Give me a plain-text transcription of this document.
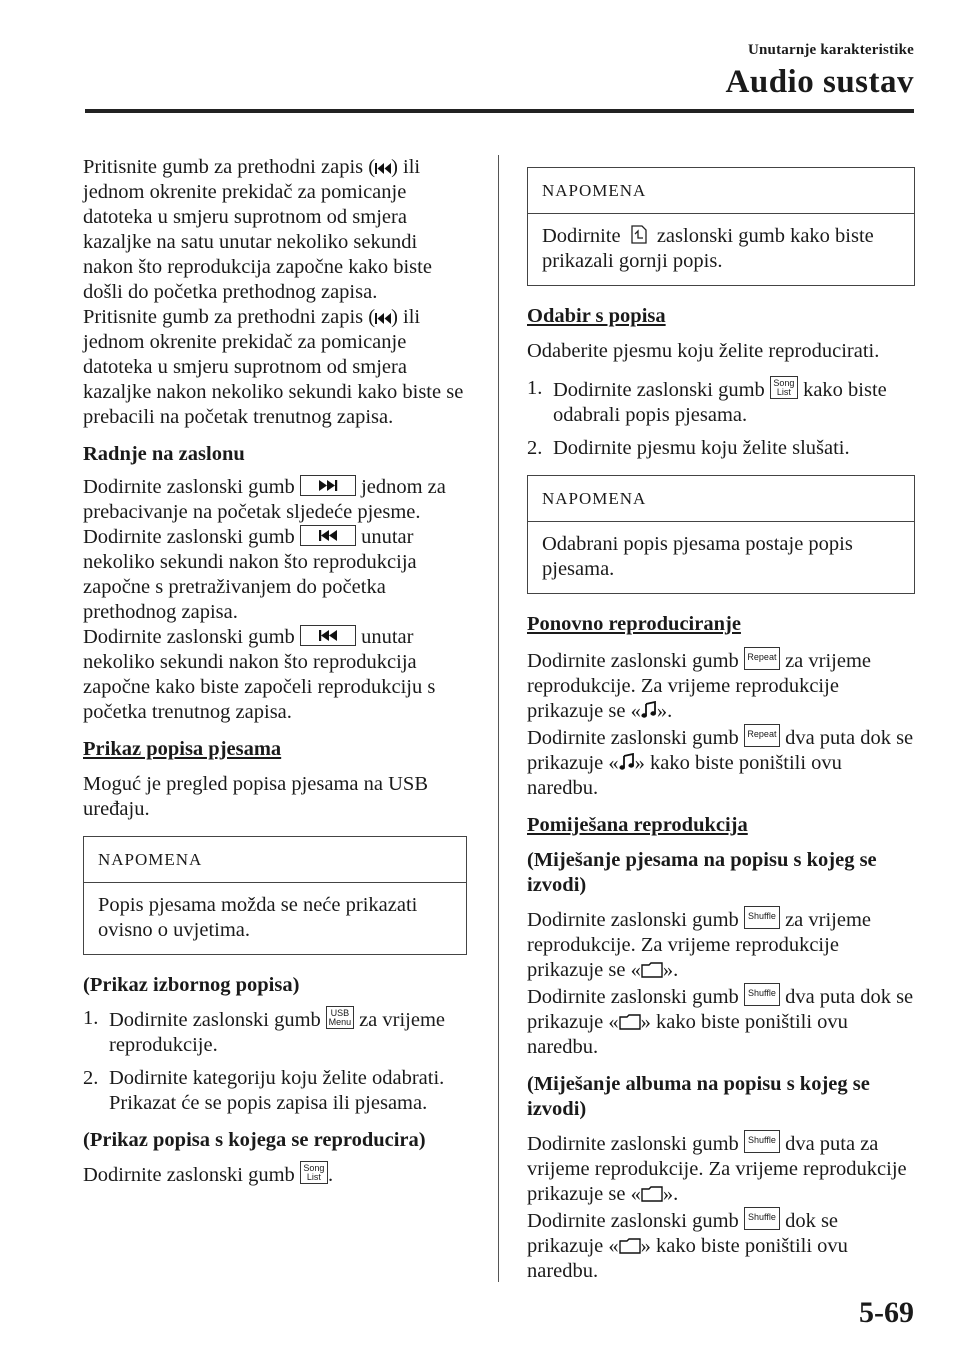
Unutarnje karakteristike
Audio sustav

Pritisnite gumb za prethodni zapis ( ) ili jednom okrenite prekidač za pomicanje datoteka u smjeru suprotnom od smjera kazaljke na satu unutar nekoliko sekundi nakon što reprodukcija započne kako biste došli do početka prethodnog zapisa.
Pritisnite gumb za prethodni zapis ( ) ili jednom okrenite prekidač za pomicanje datoteka u smjeru suprotnom od smjera kazaljke nakon nekoliko sekundi kako biste se prebacili na početak trenutnog zapisa.

Radnje na zaslonu

Dodirnite zaslonski gumb	jednom za prebacivanje na početak sljedeće pjesme.
Dodirnite zaslonski gumb	unutar nekoliko sekundi nakon što reprodukcija započne s pretraživanjem do početka prethodnog zapisa.
Dodirnite zaslonski gumb	unutar nekoliko sekundi nakon što reprodukcija započne kako biste započeli reprodukciju s početka trenutnog zapisa.

Prikaz popisa pjesama

Moguć je pregled popisa pjesama na USB uređaju.

NAPOMENA
Popis pjesama možda se neće prikazati ovisno o uvjetima.

(Prikaz izbornog popisa)

1. Dodirnite zaslonski gumb USB
Menu za vrijeme reprodukcije.
2. Dodirnite kategoriju koju želite odabrati. Prikazat će se popis zapisa ili pjesama.

(Prikaz popisa s kojega se reproducira)

Dodirnite zaslonski gumb Song
List .

NAPOMENA
Dodirnite
zaslonski gumb kako biste prikazali gornji popis.

Odabir s popisa

Odaberite pjesmu koju želite reproducirati.

1. Dodirnite zaslonski gumb Song
List kako biste odabrali popis pjesama.
2. Dodirnite pjesmu koju želite slušati.
NAPOMENA
Odabrani popis pjesama postaje popis pjesama.

Ponovno reproduciranje

Dodirnite zaslonski gumb Repeat za vrijeme reprodukcije. Za vrijeme reprodukcije prikazuje se « ».
Dodirnite zaslonski gumb Repeat dva puta dok se prikazuje « » kako biste poništili ovu naredbu.

Pomiješana reprodukcija

(Miješanje pjesama na popisu s kojeg se izvodi)

Dodirnite zaslonski gumb Shuffle za vrijeme reprodukcije. Za vrijeme reprodukcije prikazuje se « ».
Dodirnite zaslonski gumb Shuffle dva puta dok se prikazuje « » kako biste poništili ovu naredbu.

(Miješanje albuma na popisu s kojeg se izvodi)

Dodirnite zaslonski gumb Shuffle dva puta za vrijeme reprodukcije. Za vrijeme reprodukcije prikazuje se « ».
Dodirnite zaslonski gumb Shuffle dok se prikazuje « » kako biste poništili ovu naredbu.

5-69
